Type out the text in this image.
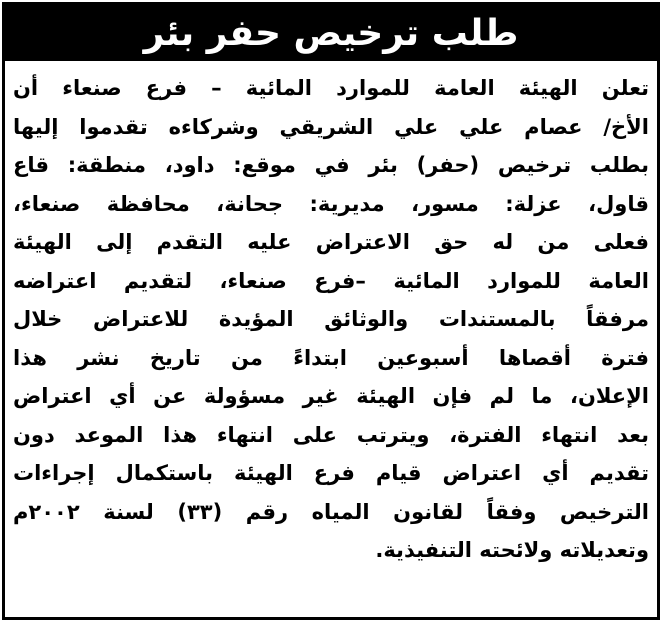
طلب ترخيص حفر بئر
تعلن الهيئة العامة للموارد المائية – فرع صنعاء أن
الأخ/ عصام علي علي الشريقي وشركاءه تقدموا إليها
بطلب ترخيص (حفر) بئر في موقع: داود، منطقة: قاع
قاول، عزلة: مسور، مديرية: جحانة، محافظة صنعاء،
فعلى من له حق الاعتراض عليه التقدم إلى الهيئة
العامة للموارد المائية –فرع صنعاء، لتقديم اعتراضه
مرفقاً بالمستندات والوثائق المؤيدة للاعتراض خلال
فترة أقصاها أسبوعين ابتداءً من تاريخ نشر هذا
الإعلان، ما لم فإن الهيئة غير مسؤولة عن أي اعتراض
بعد انتهاء الفترة، ويترتب على انتهاء هذا الموعد دون
تقديم أي اعتراض قيام فرع الهيئة باستكمال إجراءات
الترخيص وفقاً لقانون المياه رقم (٣٣) لسنة ٢٠٠٢م
وتعديلاته ولائحته التنفيذية.
